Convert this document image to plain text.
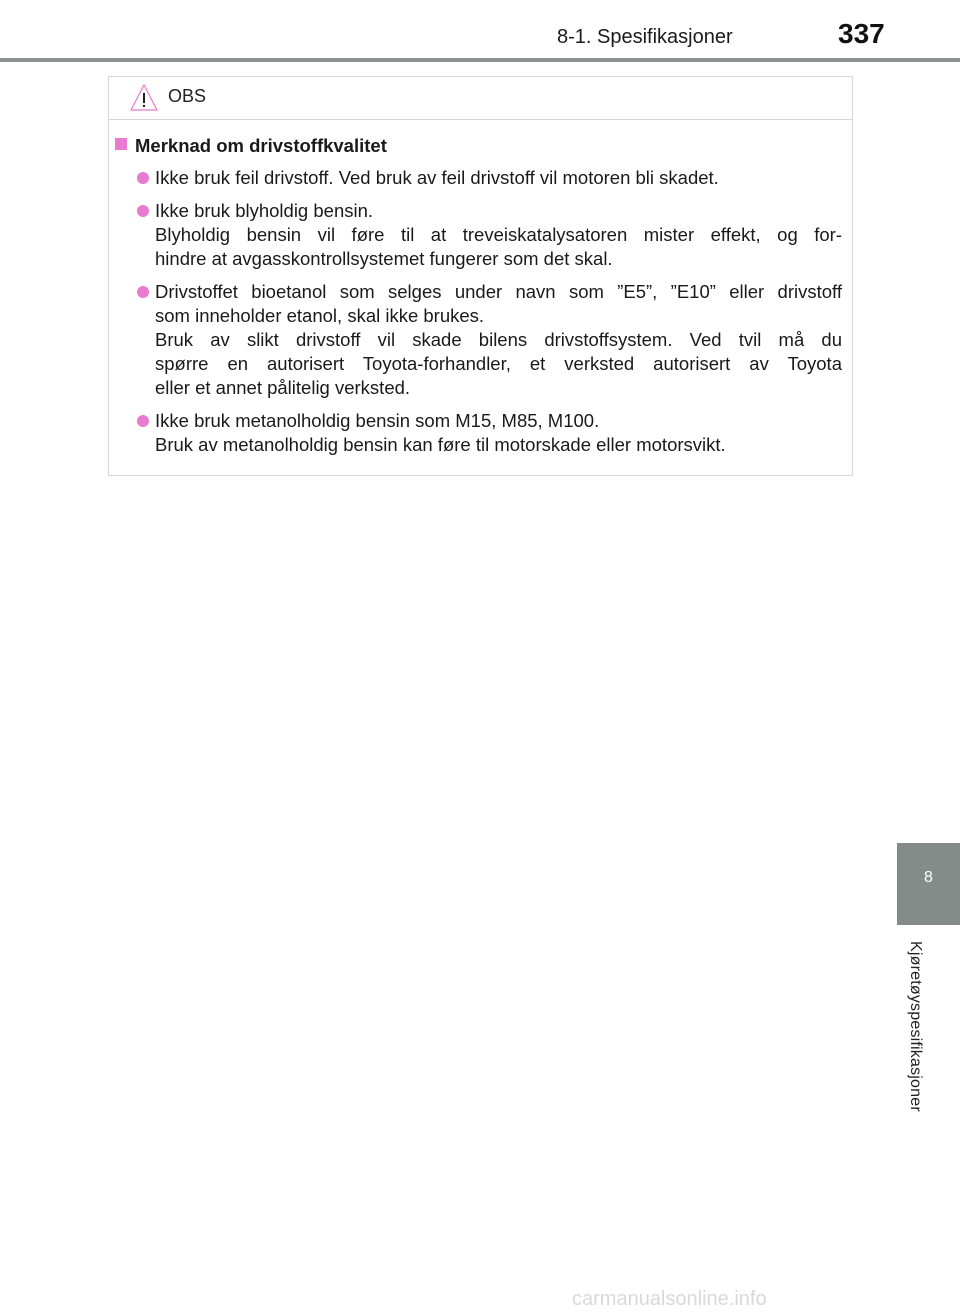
8-1. Spesifikasjoner	337
OBS
Merknad om drivstoffkvalitet
Ikke bruk feil drivstoff. Ved bruk av feil drivstoff vil motoren bli skadet.
Ikke bruk blyholdig bensin.
Blyholdig bensin vil føre til at treveiskatalysatoren mister effekt, og for-
hindre at avgasskontrollsystemet fungerer som det skal.
Drivstoffet bioetanol som selges under navn som ”E5”, ”E10” eller drivstoff
som inneholder etanol, skal ikke brukes.
Bruk av slikt drivstoff vil skade bilens drivstoffsystem. Ved tvil må du
spørre en autorisert Toyota-forhandler, et verksted autorisert av Toyota
eller et annet pålitelig verksted.
Ikke bruk metanolholdig bensin som M15, M85, M100.
Bruk av metanolholdig bensin kan føre til motorskade eller motorsvikt.
8
Kjøretøyspesifikasjoner
carmanualsonline.info
